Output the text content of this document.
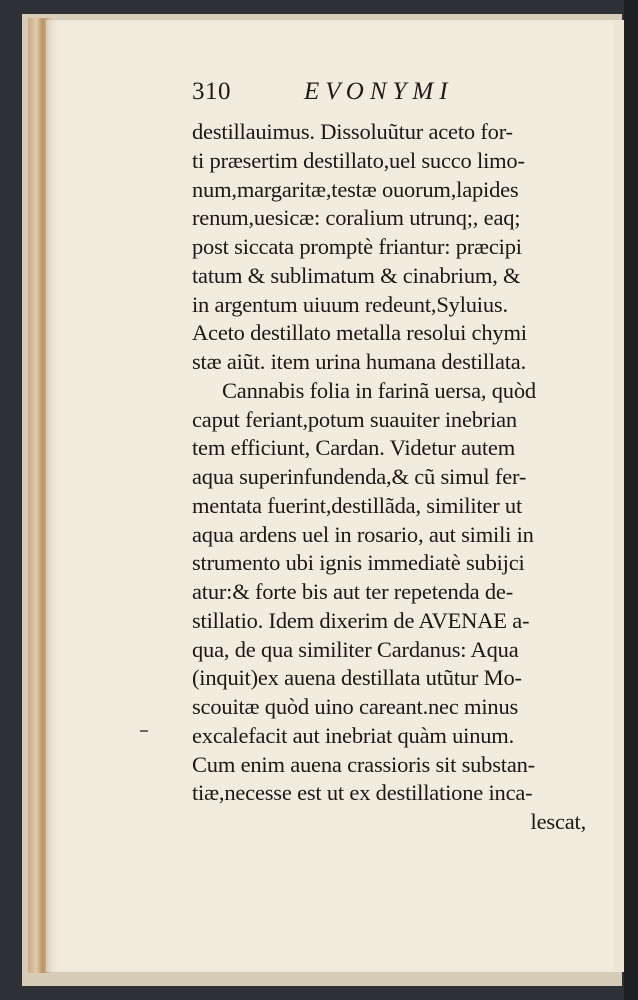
310	EVONYMI
destillauimus. Dissoluũtur aceto for-
ti præsertim destillato,uel succo limo-
num,margaritæ,testæ ouorum,lapides
renum,uesicæ: coralium utrunq;, eaq;
post siccata promptè friantur: præcipi
tatum & sublimatum & cinabrium, &
in argentum uiuum redeunt,Syluius.
Aceto destillato metalla resolui chymi
stæ aiũt. item urina humana destillata.
Cannabis folia in farinã uersa, quòd
caput feriant,potum suauiter inebrian
tem efficiunt, Cardan. Videtur autem
aqua superinfundenda,& cũ simul fer-
mentata fuerint,destillãda, similiter ut
aqua ardens uel in rosario, aut simili in
strumento ubi ignis immediatè subijci
atur:& forte bis aut ter repetenda de-
stillatio. Idem dixerim de AVENAE a-
qua, de qua similiter Cardanus: Aqua
(inquit)ex auena destillata utũtur Mo-
scouitæ quòd uino careant.nec minus
excalefacit aut inebriat quàm uinum.
Cum enim auena crassioris sit substan-
tiæ,necesse est ut ex destillatione inca-
lescat,
